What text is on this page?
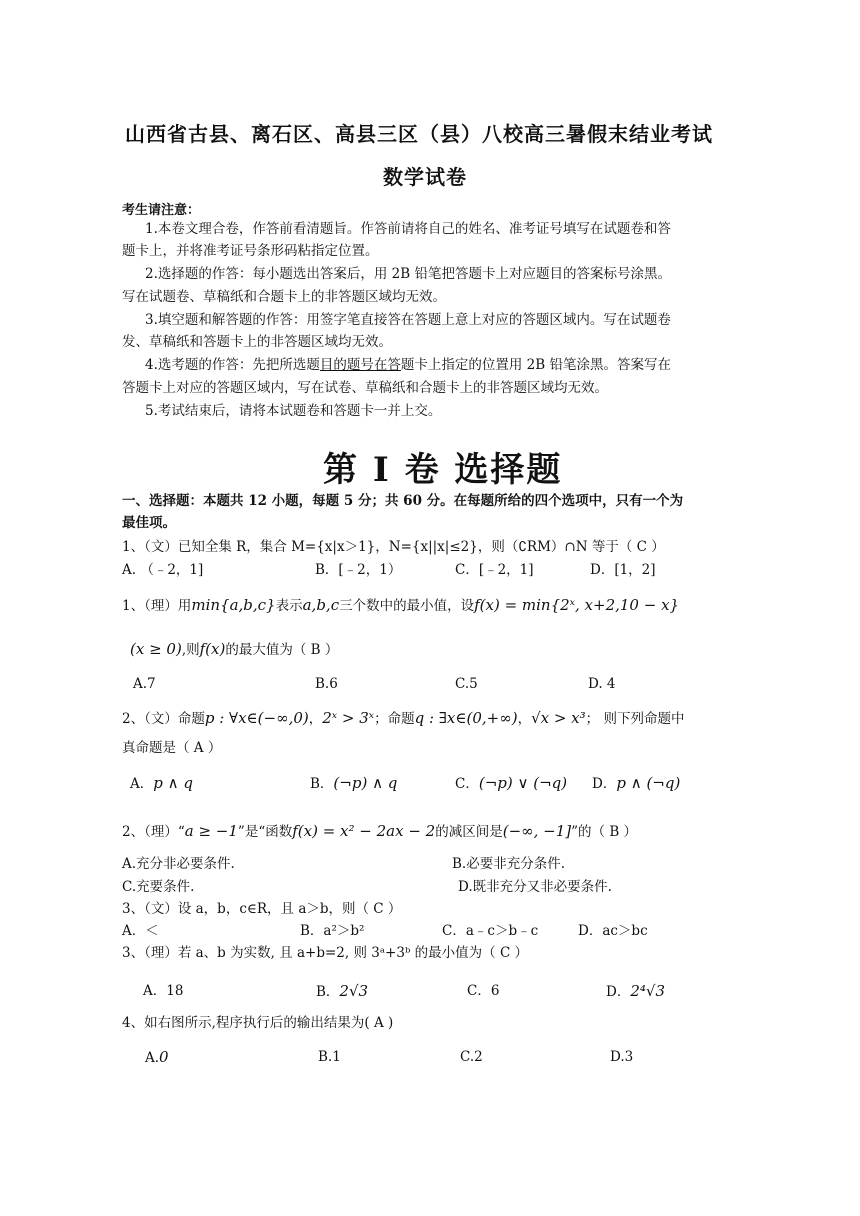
山西省古县、离石区、高县三区（县）八校高三暑假末结业考试
数学试卷
考生请注意：
1.本卷文理合卷，作答前看清题旨。作答前请将自己的姓名、准考证号填写在试题卷和答
题卡上，并将准考证号条形码粘指定位置。
2.选择题的作答：每小题选出答案后，用 2B 铅笔把答题卡上对应题目的答案标号涂黑。
写在试题卷、草稿纸和合题卡上的非答题区域均无效。
3.填空题和解答题的作答：用签字笔直接答在答题上意上对应的答题区域内。写在试题卷
发、草稿纸和答题卡上的非答题区域均无效。
4.选考题的作答：先把所选题目的题号在答题卡上指定的位置用 2B 铅笔涂黑。答案写在
答题卡上对应的答题区域内，写在试卷、草稿纸和合题卡上的非答题区域均无效。
5.考试结束后，请将本试题卷和答题卡一并上交。
第 I 卷 选择题
一、选择题：本题共 12 小题，每题 5 分；共 60 分。在每题所给的四个选项中，只有一个为
最佳项。
1、（文）已知全集 R，集合 M={x|x＞1}，N={x||x|≤2}，则（∁RM）∩N 等于（ C ）
A. （﹣2，1]	B．[﹣2，1）	C．[﹣2，1]	D．[1，2]
1、（理）用min{a,b,c}表示a,b,c三个数中的最小值，设f(x) = min{2ˣ, x+2,10 − x}
(x ≥ 0),则f(x)的最大值为（ B ）
A.7	B.6	C.5	D. 4
2、（文）命题p : ∀x∈(−∞,0)，2ˣ > 3ˣ；命题q : ∃x∈(0,+∞)，√x > x³； 则下列命题中
真命题是（ A ）
A．p ∧ q	B．(¬p) ∧ q	C．(¬p) ∨ (¬q) D．p ∧ (¬q)
2、（理）“a ≥ −1”是“函数f(x) = x² − 2ax − 2的减区间是(−∞, −1]”的（ B ）
A.充分非必要条件.	B.必要非充分条件.
C.充要条件.	D.既非充分又非必要条件.
3、（文）设 a，b，c∈R，且 a＞b，则（ C ）
A．＜	B．a²＞b²	C．a﹣c＞b﹣c	D．ac＞bc
3、（理）若 a、b 为实数, 且 a+b=2, 则 3ᵃ+3ᵇ 的最小值为（ C ）
A．18	B．2√3	C．6	D．2⁴√3
4、如右图所示,程序执行后的输出结果为( A )
A.0	B.1	C.2	D.3
